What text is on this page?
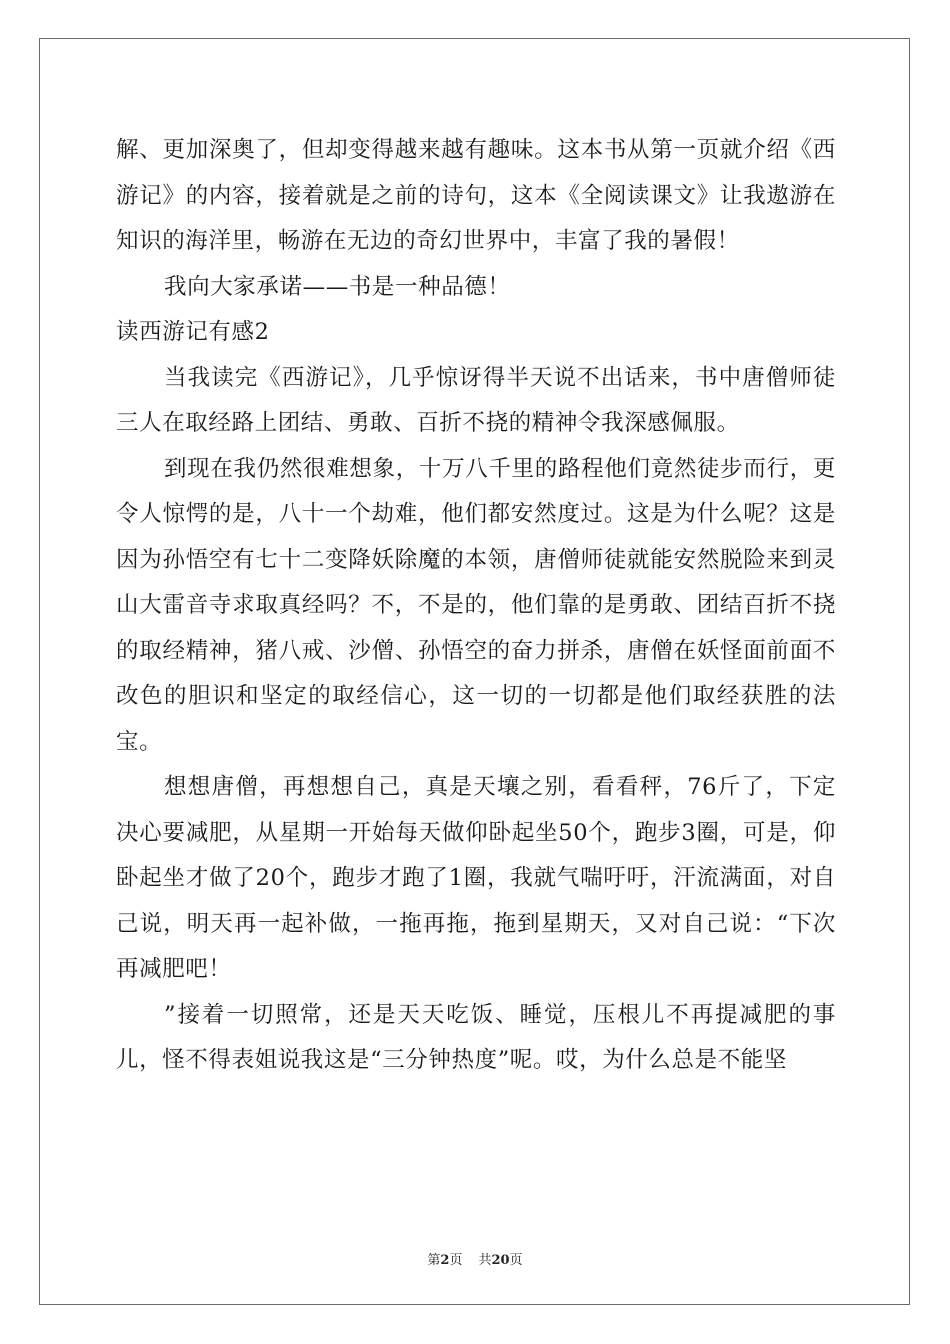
解、更加深奥了，但却变得越来越有趣味。这本书从第一页就介绍《西游记》的内容，接着就是之前的诗句，这本《全阅读课文》让我遨游在知识的海洋里，畅游在无边的奇幻世界中，丰富了我的暑假！

我向大家承诺——书是一种品德！

读西游记有感2

当我读完《西游记》，几乎惊讶得半天说不出话来，书中唐僧师徒三人在取经路上团结、勇敢、百折不挠的精神令我深感佩服。

到现在我仍然很难想象，十万八千里的路程他们竟然徒步而行，更令人惊愕的是，八十一个劫难，他们都安然度过。这是为什么呢？这是因为孙悟空有七十二变降妖除魔的本领，唐僧师徒就能安然脱险来到灵山大雷音寺求取真经吗？不，不是的，他们靠的是勇敢、团结百折不挠的取经精神，猪八戒、沙僧、孙悟空的奋力拼杀，唐僧在妖怪面前面不改色的胆识和坚定的取经信心，这一切的一切都是他们取经获胜的法宝。

想想唐僧，再想想自己，真是天壤之别，看看秤，76斤了，下定决心要减肥，从星期一开始每天做仰卧起坐50个，跑步3圈，可是，仰卧起坐才做了20个，跑步才跑了1圈，我就气喘吁吁，汗流满面，对自己说，明天再一起补做，一拖再拖，拖到星期天，又对自己说：“下次再减肥吧！

”接着一切照常，还是天天吃饭、睡觉，压根儿不再提减肥的事儿，怪不得表姐说我这是“三分钟热度”呢。哎，为什么总是不能坚

第2页 共20页
